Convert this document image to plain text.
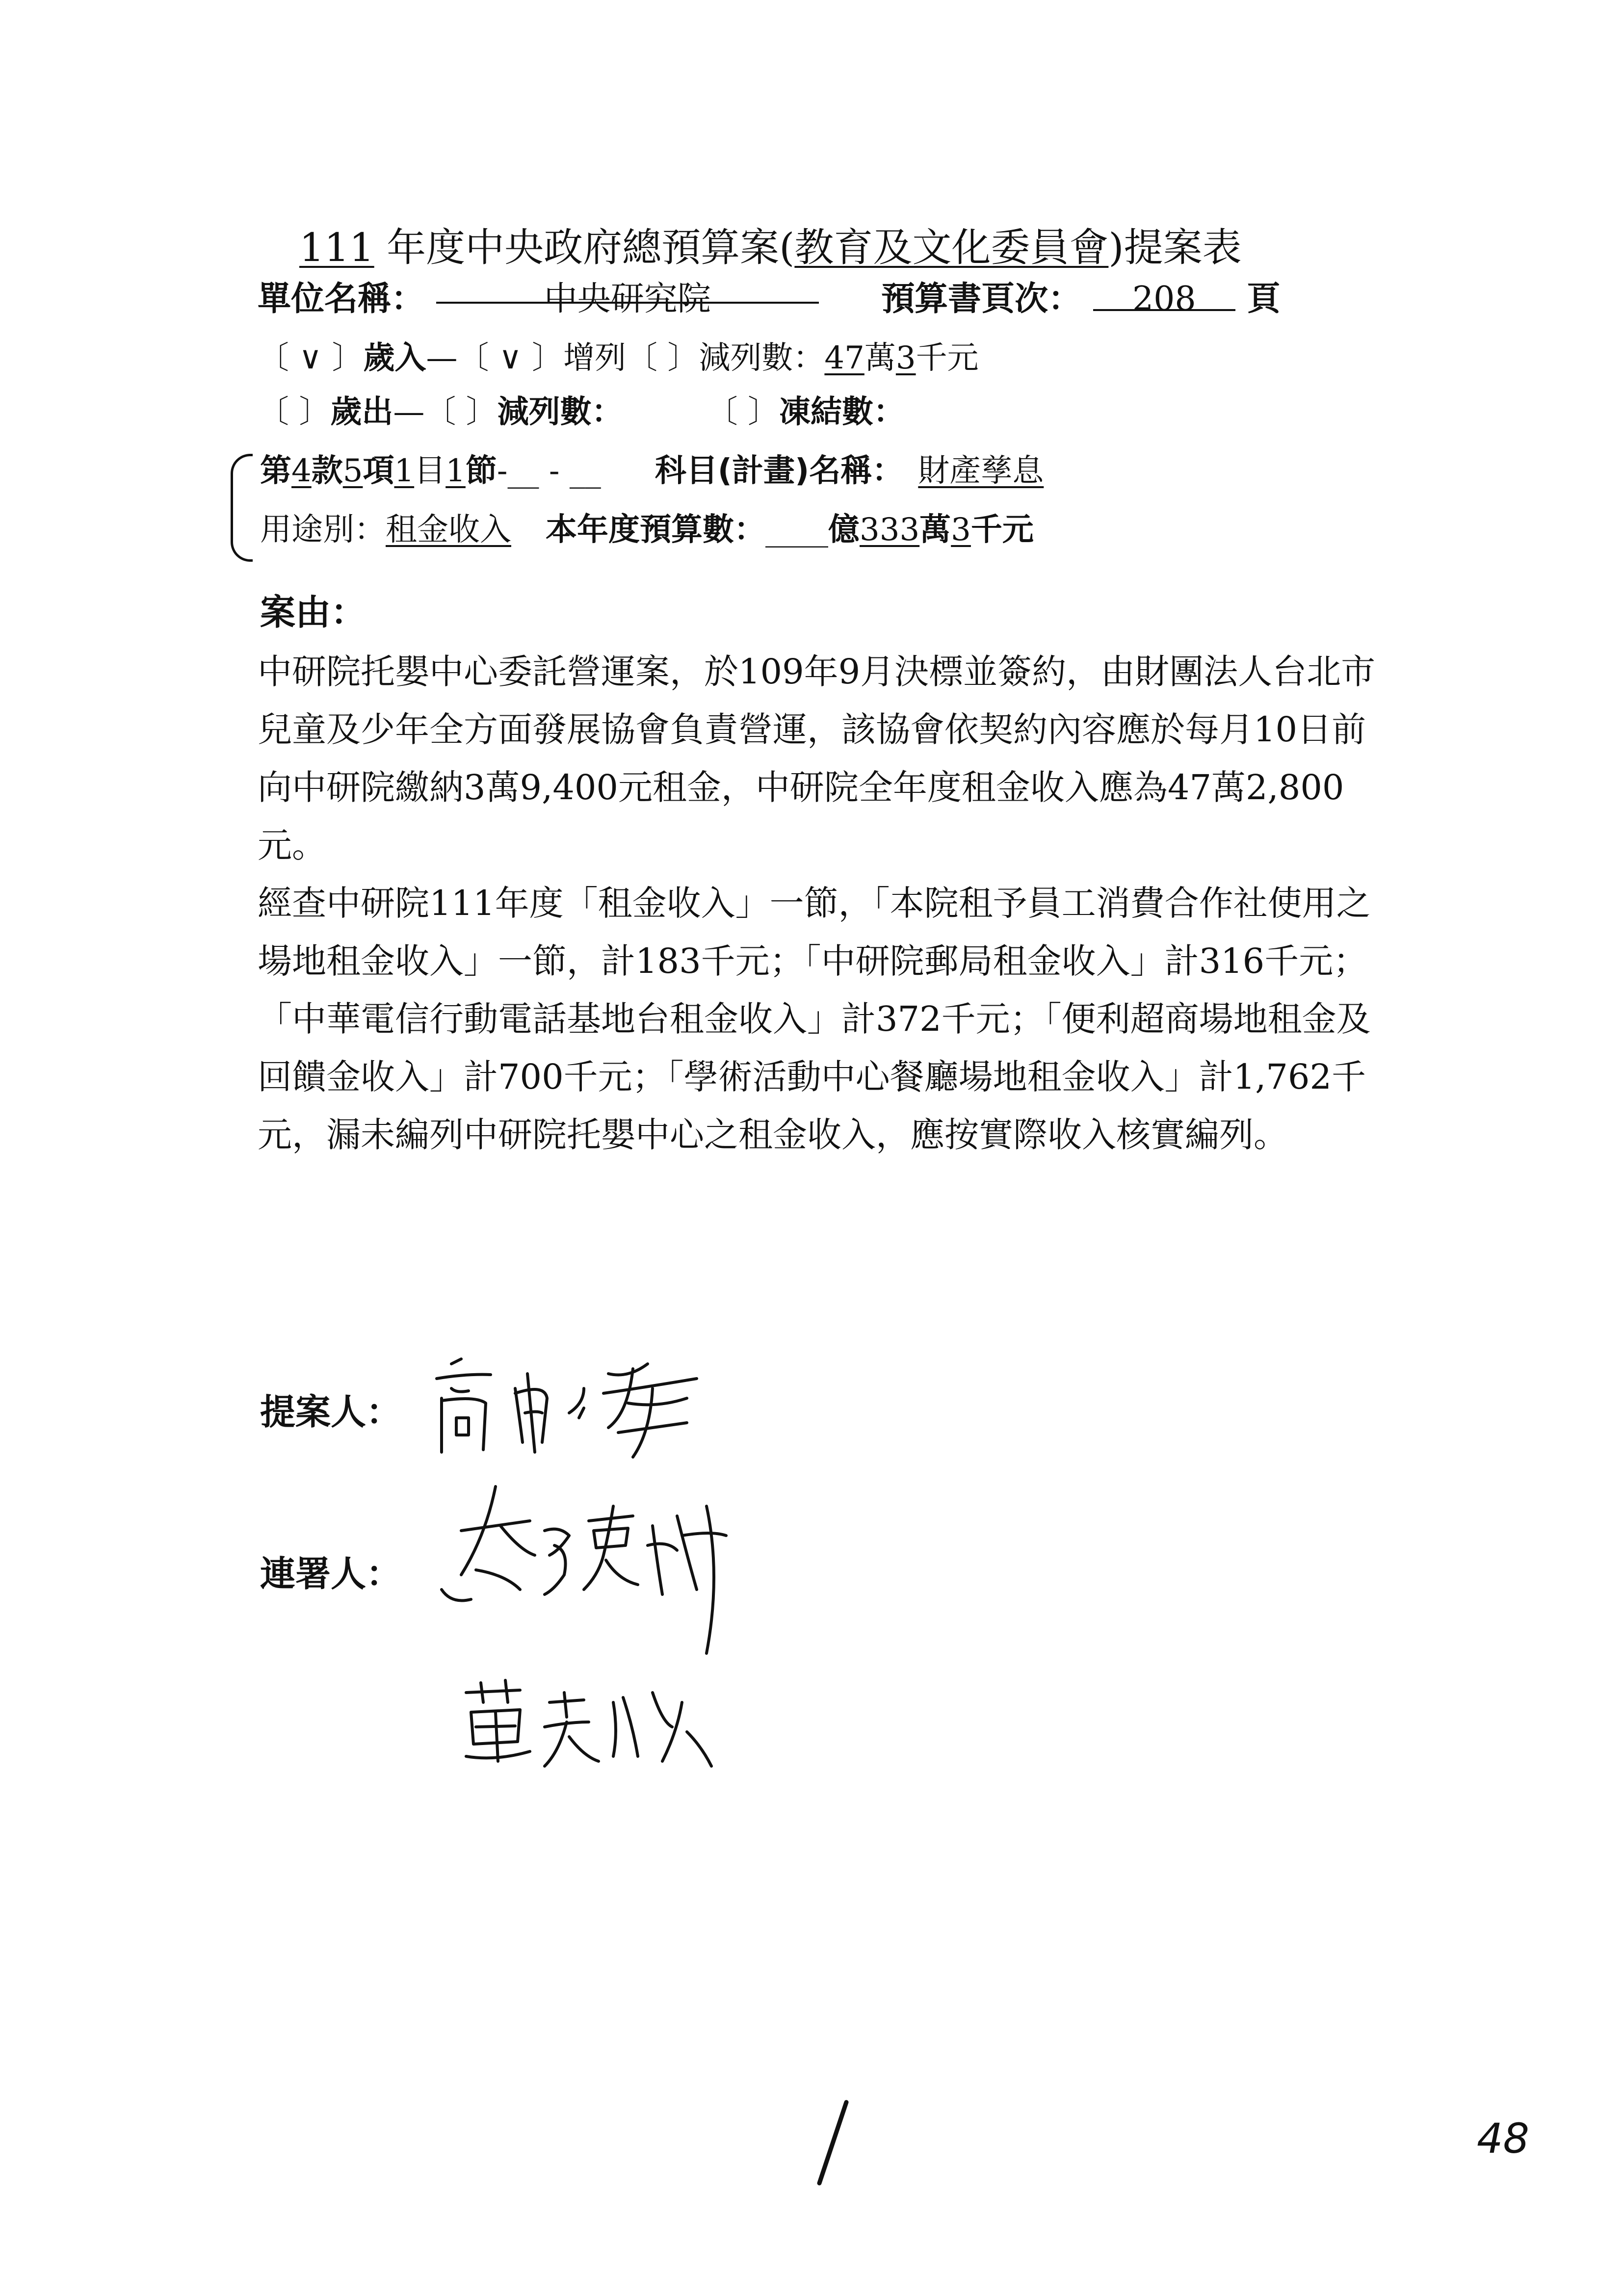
111 年度中央政府總預算案(教育及文化委員會)提案表
單位名稱：	中央研究院	預算書頁次： 208 頁
〔 ∨ 〕歲入—〔 ∨ 〕增列〔 〕減列數：47萬3千元
〔 〕歲出—〔 〕減列數：	〔 〕凍結數：
第4款5項1目1節-__ - __ 科目(計畫)名稱： 財產孳息
用途別：租金收入 本年度預算數：____億333萬3千元
案由：

中研院托嬰中心委託營運案，於109年9月決標並簽約，由財團法人台北市兒童及少年全方面發展協會負責營運，該協會依契約內容應於每月10日前向中研院繳納3萬9,400元租金，中研院全年度租金收入應為47萬2,800元。

經查中研院111年度「租金收入」一節，「本院租予員工消費合作社使用之場地租金收入」一節，計183千元；「中研院郵局租金收入」計316千元；「中華電信行動電話基地台租金收入」計372千元；「便利超商場地租金及回饋金收入」計700千元；「學術活動中心餐廳場地租金收入」計1,762千元，漏未編列中研院托嬰中心之租金收入，應按實際收入核實編列。

提案人：
連署人：
48
